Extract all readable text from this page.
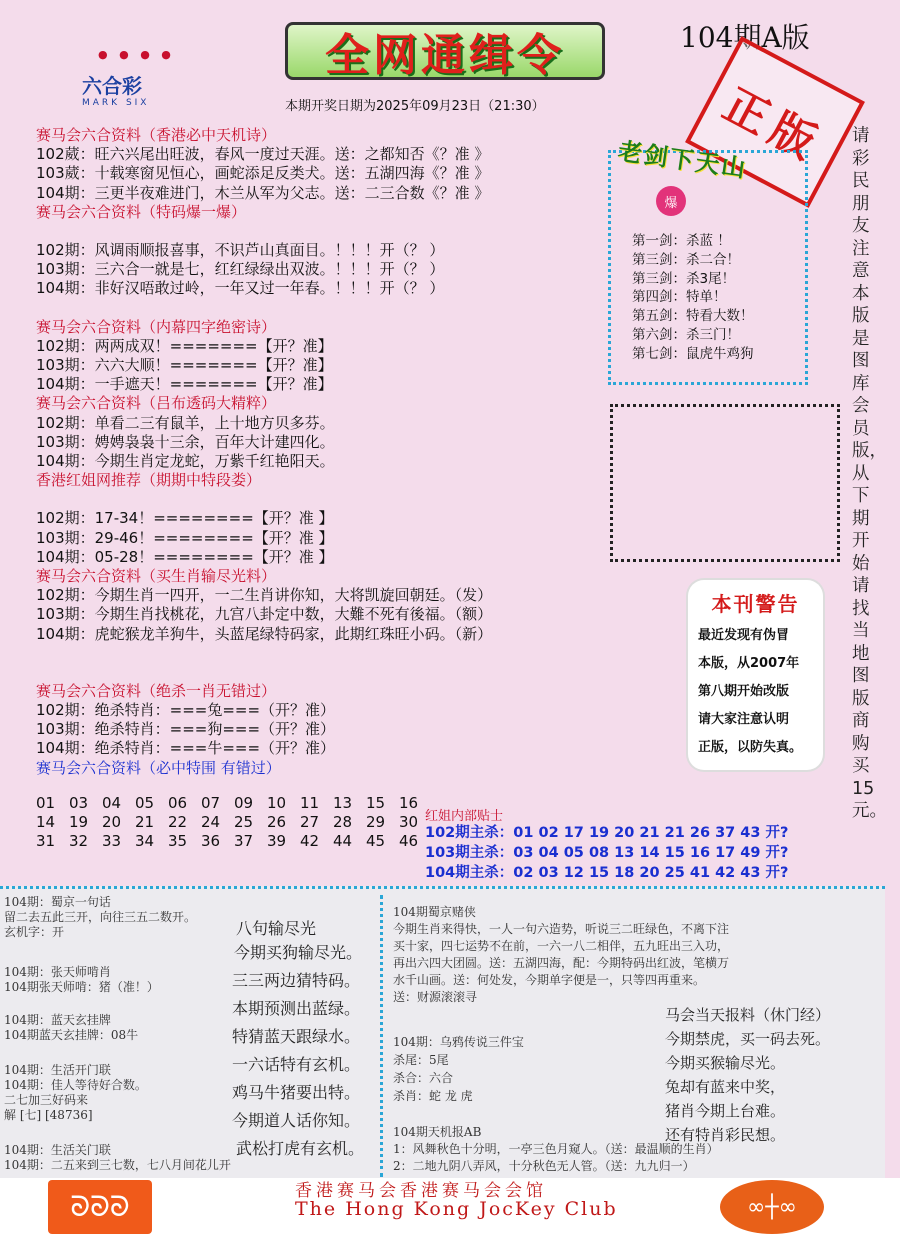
● ● ● ●
六合彩
MARK SIX
全网通缉令	104期A版
本期开奖日期为2025年09月23日（21:30）	正版	请彩民朋友注意本版是图库会员版，从下期开始请找当地图版商购买15元。
赛马会六合资料（香港必中天机诗）
102葳：旺六兴尾出旺波，春风一度过天涯。送：之都知否《？准 》
103葳：十载寒窗见恒心，画蛇添足反类犬。送：五湖四海《？准 》
104期：三更半夜难进门，木兰从军为父志。送：二三合数《？准 》
赛马会六合资料（特码爆一爆）
102期：风调雨顺报喜事，不识芦山真面目。！！！开（？ ）
103期：三六合一就是七，红红绿绿出双波。！！！开（？ ）
104期：非好汉唔敢过岭，一年又过一年春。！！！开（？ ）
赛马会六合资料（内幕四字绝密诗）
102期：两两成双！=======【开？准】
103期：六六大顺！=======【开？准】
104期：一手遮天！=======【开？准】
赛马会六合资料（吕布透码大精粹）
102期：单看二三有鼠羊，上十地方贝多芬。
103期：娉娉袅袅十三余，百年大计建四化。
104期：今期生肖定龙蛇，万紫千红艳阳天。
香港红姐网推荐（期期中特段娄）
102期：17-34！========【开？准 】
103期：29-46！========【开？准 】
104期：05-28！========【开？准 】
赛马会六合资料（买生肖输尽光料）
102期：今期生肖一四开，一二生肖讲你知，大将凯旋回朝廷。（发）
103期：今期生肖找桃花，九宫八卦定中数，大難不死有後福。（额）
104期：虎蛇猴龙羊狗牛，头蓝尾绿特码家，此期红珠旺小码。（新）
赛马会六合资料（绝杀一肖无错过）
102期：绝杀特肖：===兔===（开？准）
103期：绝杀特肖：===狗===（开？准）
104期：绝杀特肖：===牛===（开？准）
赛马会六合资料（必中特围 有错过）
01 03 04 05 06 07 09 10 11 13 15 16
14 19 20 21 22 24 25 26 27 28 29 30
31 32 33 34 35 36 37 39 42 44 45 46
红姐内部贴士
102期主杀：01 02 17 19 20 21 21 26 37 43 开?
103期主杀：03 04 05 08 13 14 15 16 17 49 开?
104期主杀：02 03 12 15 18 20 25 41 42 43 开?
老剑下天山
爆
第一剑：杀蓝 ！
第三剑：杀二合！
第三剑：杀3尾！
第四剑：特单！
第五剑：特看大数！
第六剑：杀三门！
第七剑：鼠虎牛鸡狗
本刊警告
最近发现有伪冒
本版，从2007年
第八期开始改版
请大家注意认明
正版，以防失真。
104期：蜀京一句话
留二去五此三开，向往三五二数开。
玄机字：开
104期：张天师啃肖
104期张天师啃：猪（准！）
104期：蓝天玄挂牌
104期蓝天玄挂牌：08牛
104期：生活开门联
104期：佳人等待好合数。
二七加三好码来
解 [七] [48736]
104期：生活关门联
104期：二五来到三七数，七八月间花儿开
八句输尽光
今期买狗输尽光。
三三两边猜特码。
本期预测出蓝绿。
特猜蓝天跟绿水。
一六话特有玄机。
鸡马牛猪要出特。
今期道人话你知。
武松打虎有玄机。
104期蜀京赌侠
今期生肖来得快，一人一句六造势，听说三二旺绿色，不离下注
买十家，四七运势不在前，一六一八二相伴，五九旺出三入功，
再出六四大团圆。送：五湖四海，配：今期特码出红波，笔横万
水千山画。送：何处发，今期单字便是一，只等四再重来。
送：财源滚滚寻
104期：乌鸦传说三件宝
杀尾：5尾
杀合：六合
杀肖：蛇 龙 虎
104期天机报AB
1：风舞秋色十分明，一亭三色月窥人。（送：最温顺的生肖）
2：二地九阴八弄风，十分秋色无人管。（送：九九归一）
马会当天报料（休门经）
今期禁虎，买一码去死。
今期买猴输尽光。
兔却有蓝来中奖，
猪肖今期上台难。
还有特肖彩民想。
ᘐᘐᘐ	香港赛马会香港赛马会会馆
The Hong Kong JocKey Club	∞┼∞
